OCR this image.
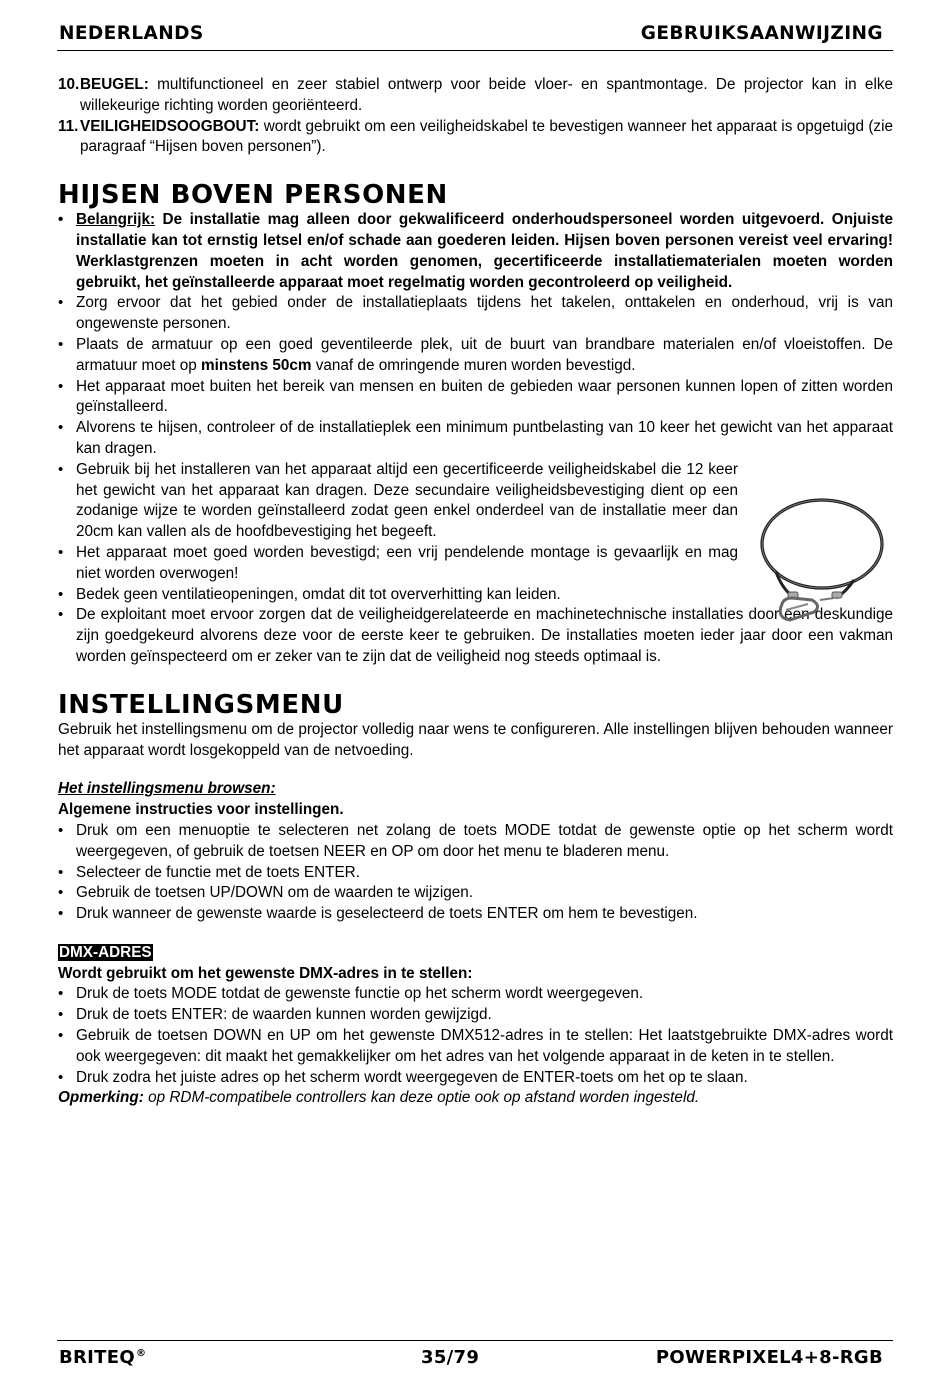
NEDERLANDS	GEBRUIKSAANWIJZING
10. BEUGEL: multifunctioneel en zeer stabiel ontwerp voor beide vloer- en spantmontage. De projector kan in elke willekeurige richting worden georiënteerd.
11. VEILIGHEIDSOOGBOUT: wordt gebruikt om een veiligheidskabel te bevestigen wanneer het apparaat is opgetuigd (zie paragraaf “Hijsen boven personen”).
HIJSEN BOVEN PERSONEN
• Belangrijk: De installatie mag alleen door gekwalificeerd onderhoudspersoneel worden uitgevoerd. Onjuiste installatie kan tot ernstig letsel en/of schade aan goederen leiden. Hijsen boven personen vereist veel ervaring! Werklastgrenzen moeten in acht worden genomen, gecertificeerde installatiematerialen moeten worden gebruikt, het geïnstalleerde apparaat moet regelmatig worden gecontroleerd op veiligheid.
• Zorg ervoor dat het gebied onder de installatieplaats tijdens het takelen, onttakelen en onderhoud, vrij is van ongewenste personen.
• Plaats de armatuur op een goed geventileerde plek, uit de buurt van brandbare materialen en/of vloeistoffen. De armatuur moet op minstens 50cm vanaf de omringende muren worden bevestigd.
• Het apparaat moet buiten het bereik van mensen en buiten de gebieden waar personen kunnen lopen of zitten worden geïnstalleerd.
• Alvorens te hijsen, controleer of de installatieplek een minimum puntbelasting van 10 keer het gewicht van het apparaat kan dragen.
• Gebruik bij het installeren van het apparaat altijd een gecertificeerde veiligheidskabel die 12 keer het gewicht van het apparaat kan dragen. Deze secundaire veiligheidsbevestiging dient op een zodanige wijze te worden geïnstalleerd zodat geen enkel onderdeel van de installatie meer dan 20cm kan vallen als de hoofdbevestiging het begeeft.
• Het apparaat moet goed worden bevestigd; een vrij pendelende montage is gevaarlijk en mag niet worden overwogen!
• Bedek geen ventilatieopeningen, omdat dit tot oververhitting kan leiden.
• De exploitant moet ervoor zorgen dat de veiligheidgerelateerde en machinetechnische installaties door een deskundige zijn goedgekeurd alvorens deze voor de eerste keer te gebruiken. De installaties moeten ieder jaar door een vakman worden geïnspecteerd om er zeker van te zijn dat de veiligheid nog steeds optimaal is.
INSTELLINGSMENU
Gebruik het instellingsmenu om de projector volledig naar wens te configureren. Alle instellingen blijven behouden wanneer het apparaat wordt losgekoppeld van de netvoeding.
Het instellingsmenu browsen:
Algemene instructies voor instellingen.
• Druk om een menuoptie te selecteren net zolang de toets MODE totdat de gewenste optie op het scherm wordt weergegeven, of gebruik de toetsen NEER en OP om door het menu te bladeren menu.
• Selecteer de functie met de toets ENTER.
• Gebruik de toetsen UP/DOWN om de waarden te wijzigen.
• Druk wanneer de gewenste waarde is geselecteerd de toets ENTER om hem te bevestigen.
DMX-ADRES
Wordt gebruikt om het gewenste DMX-adres in te stellen:
• Druk de toets MODE totdat de gewenste functie op het scherm wordt weergegeven.
• Druk de toets ENTER: de waarden kunnen worden gewijzigd.
• Gebruik de toetsen DOWN en UP om het gewenste DMX512-adres in te stellen: Het laatstgebruikte DMX-adres wordt ook weergegeven: dit maakt het gemakkelijker om het adres van het volgende apparaat in de keten in te stellen.
• Druk zodra het juiste adres op het scherm wordt weergegeven de ENTER-toets om het op te slaan.
Opmerking: op RDM-compatibele controllers kan deze optie ook op afstand worden ingesteld.
BRITEQ®	35/79	POWERPIXEL4+8-RGB
